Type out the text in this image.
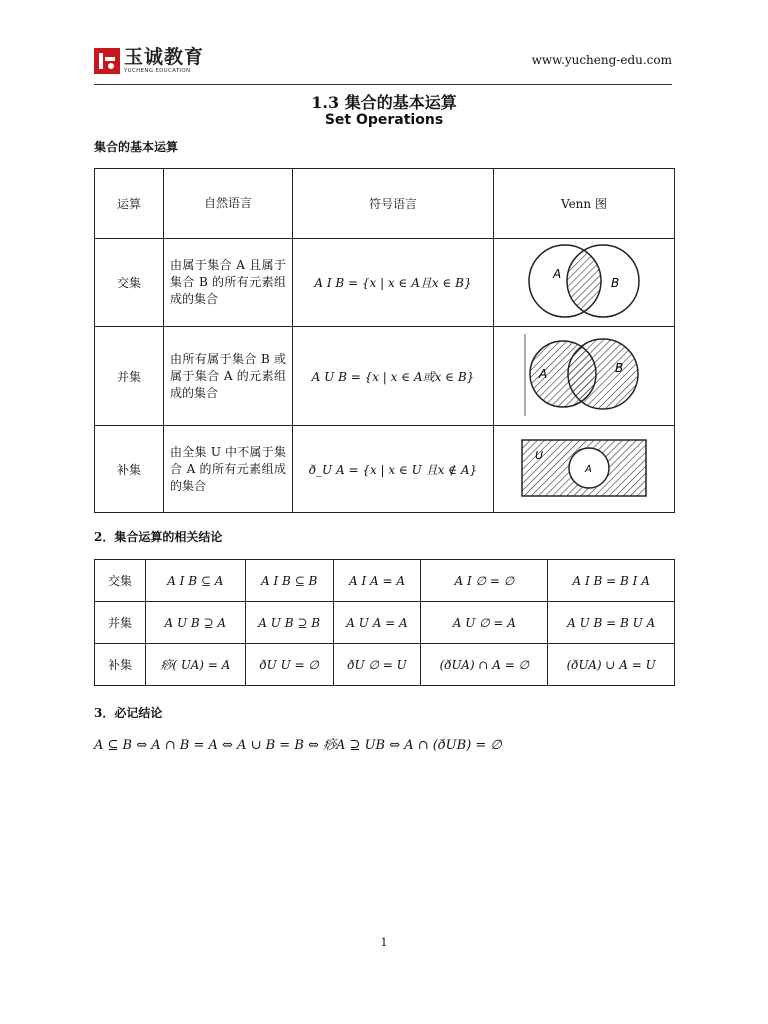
玉诚教育
YUCHENG EDUCATION
www.yucheng-edu.com
1.3 集合的基本运算
Set Operations
集合的基本运算
运算	自然语言	符号语言	Venn 图
交集	由属于集合 A 且属于集合 B 的所有元素组成的集合	A I B = {x | x ∈ A且x ∈ B}	A
B

并集	由所有属于集合 B 或属于集合 A 的元素组成的集合	A U B = {x | x ∈ A或x ∈ B}	A B

补集	由全集 U 中不属于集合 A 的所有元素组成的集合	ð_U A = {x | x ∈ U 且x ∉ A}	U
A
2．集合运算的相关结论
交集	A I B ⊆ A	A I B ⊆ B	A I A = A	A I ∅ = ∅	A I B = B I A
并集	A U B ⊇ A	A U B ⊇ B	A U A = A	A U ∅ = A	A U B = B U A
补集	痧( UA) = A	ðU U = ∅	ðU ∅ = U	(ðUA) ∩ A = ∅	(ðUA) ∪ A = U
3．必记结论
A ⊆ B ⇔ A ∩ B = A ⇔ A ∪ B = B ⇔ 痧A ⊇ UB ⇔ A ∩ (ðUB) = ∅
1
